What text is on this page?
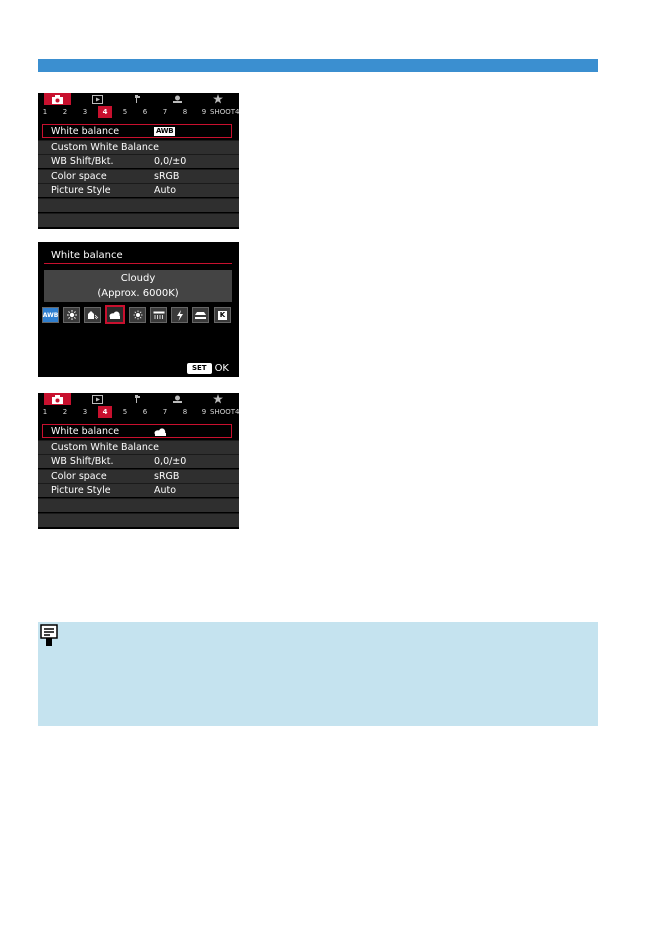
1	2	3	4	5	6	7	8	9 SHOOT4
White balance	AWB
Custom White Balance
WB Shift/Bkt.	0,0/±0
Color space	sRGB
Picture Style	Auto
White balance
Cloudy
(Approx. 6000K)
AWB	K
SET OK
1	2	3	4	5	6	7	8	9 SHOOT4
White balance
Custom White Balance
WB Shift/Bkt.	0,0/±0
Color space	sRGB
Picture Style	Auto
